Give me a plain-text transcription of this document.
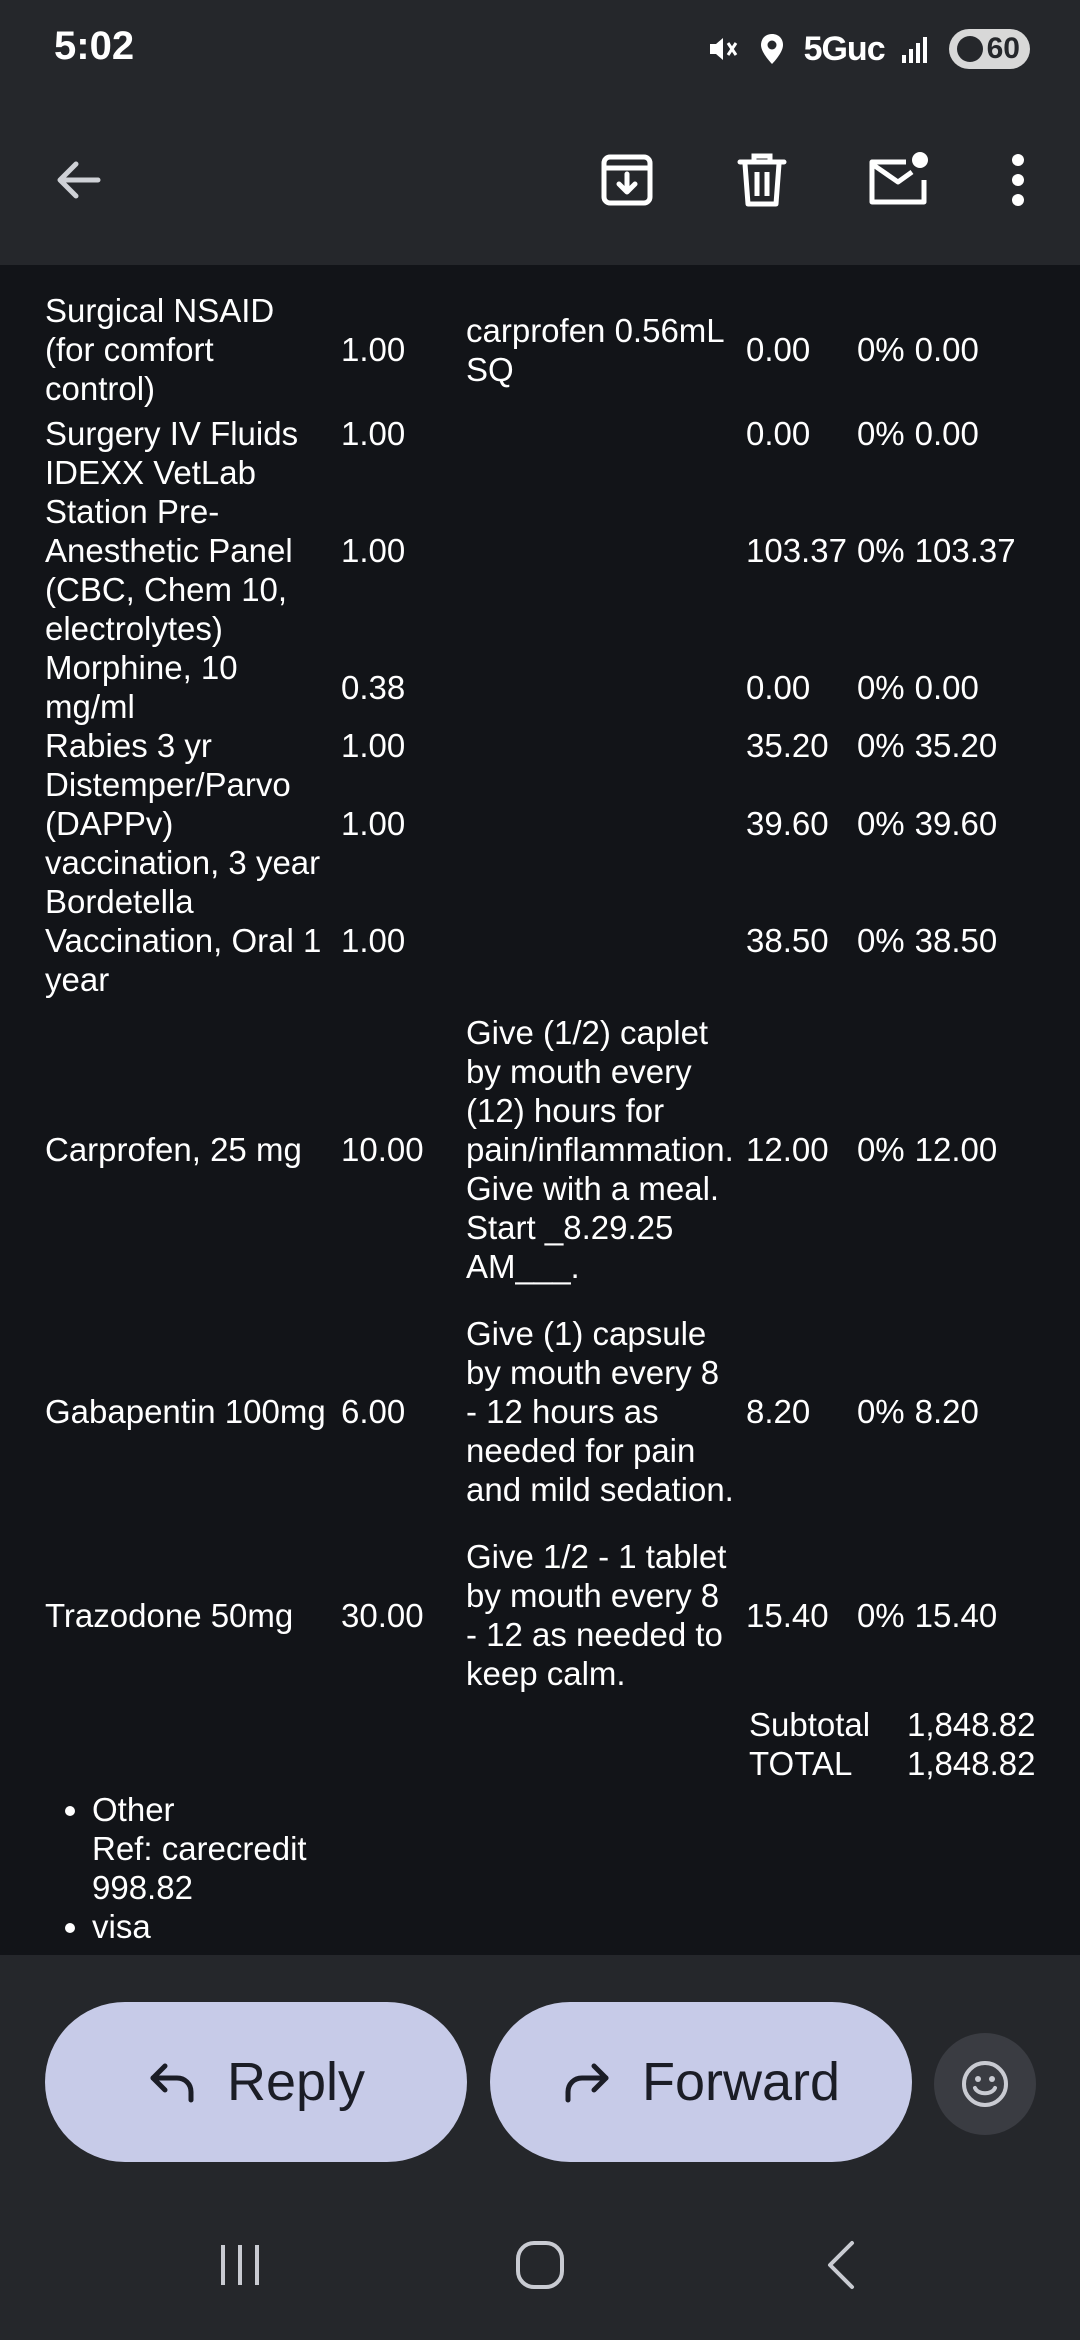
5:02	5Guc	60
Surgical NSAID (for comfort control)	1.00	carprofen 0.56mL SQ	0.00	0%	0.00
Surgery IV Fluids	1.00		0.00	0%	0.00
IDEXX VetLab Station Pre-Anesthetic Panel (CBC, Chem 10, electrolytes)	1.00		103.37	0%	103.37
Morphine, 10 mg/ml	0.38		0.00	0%	0.00
Rabies 3 yr	1.00		35.20	0%	35.20
Distemper/Parvo (DAPPv) vaccination, 3 year	1.00		39.60	0%	39.60
Bordetella Vaccination, Oral 1 year	1.00		38.50	0%	38.50
Carprofen, 25 mg	10.00	Give (1/2) caplet by mouth every (12) hours for pain/inflammation. Give with a meal. Start _8.29.25 AM___.	12.00	0%	12.00
Gabapentin 100mg	6.00	Give (1) capsule by mouth every 8 - 12 hours as needed for pain and mild sedation.	8.20	0%	8.20
Trazodone 50mg	30.00	Give 1/2 - 1 tablet by mouth every 8 - 12 as needed to keep calm.	15.40	0%	15.40
Subtotal	1,848.82
TOTAL	1,848.82
• Other
Ref: carecredit
998.82
• visa
Reply	Forward
